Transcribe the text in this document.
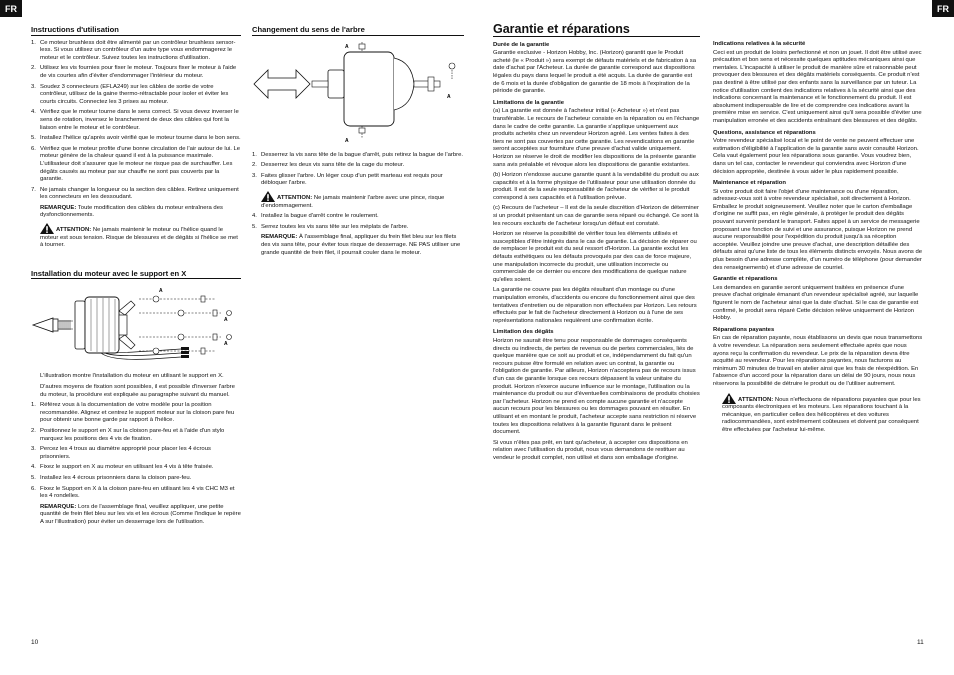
FR	FR
Instructions d'utilisation
1. Ce moteur brushless doit être alimenté par un contrôleur brushless sensor-less. Si vous utilisez un contrôleur d'un autre type vous endommagerez le moteur et le contrôleur. Suivez toutes les instructions d'utilisation.
2. Utilisez les vis fournies pour fixer le moteur. Toujours fixer le moteur à l'aide de vis courtes afin d'éviter d'endommager l'intérieur du moteur.
3. Soudez 3 connecteurs (EFLA249) sur les câbles de sortie de votre contrôleur, utilisez de la gaine thermo-rétractable pour isoler et éviter les courts circuits. Connectez les 3 prises au moteur.
4. Vérifiez que le moteur tourne dans le sens correct. Si vous devez inverser le sens de rotation, inversez le branchement de deux des câbles qui font la liaison entre le moteur et le contrôleur.
5. Installez l'hélice qu'après avoir vérifié que le moteur tourne dans le bon sens.
6. Vérifiez que le moteur profite d'une bonne circulation de l'air autour de lui. Le moteur génère de la chaleur quand il est à la puissance maximale. L'utilisateur doit s'assurer que le moteur ne risque pas de surchauffer. Les dégâts causés au moteur par sur chauffe ne sont pas couverts par la garantie.
7. Ne jamais changer la longueur ou la section des câbles. Retirez uniquement les connecteurs en les dessoudant.

REMARQUE: Toute modification des câbles du moteur entraînera des dysfonctionnements.

ATTENTION: Ne jamais maintenir le moteur ou l'hélice quand le moteur est sous tension. Risque de blessures et de dégâts si l'hélice se met à tourner.

Installation du moteur avec le support en X
A
A
A

L'illustration montre l'installation du moteur en utilisant le support en X.

D'autres moyens de fixation sont possibles, il est possible d'inverser l'arbre du moteur, la procédure est expliquée au paragraphe suivant du manuel.

1. Référez vous à la documentation de votre modèle pour la position recommandée. Alignez et centrez le support moteur sur la cloison pare feu pour obtenir une bonne garde par rapport à l'hélice.
2. Positionnez le support en X sur la cloison pare-feu et à l'aide d'un stylo marquez les positions des 4 vis de fixation.
3. Percez les 4 trous au diamètre approprié pour placer les 4 écrous prisonniers.
4. Fixez le support en X au moteur en utilisant les 4 vis à tête fraisée.
5. Installez les 4 écrous prisonniers dans la cloison pare-feu.
6. Fixez le Support en X à la cloison pare-feu en utilisant les 4 vis CHC M3 et les 4 rondelles.

REMARQUE: Lors de l'assemblage final, veuillez appliquer, une petite quantité de frein filet bleu sur les vis et les écrous (Comme l'indique le repère A sur l'illustration) pour éviter un desserrage lors de l'utilisation.

Changement du sens de l'arbre
A
A
A
1. Desserrez la vis sans tête de la bague d'arrêt, puis retirez la bague de l'arbre.
2. Desserrez les deux vis sans tête de la cage du moteur.
3. Faites glisser l'arbre. Un léger coup d'un petit marteau est requis pour débloquer l'arbre.

ATTENTION: Ne jamais maintenir l'arbre avec une pince, risque d'endommagement.

4. Installez la bague d'arrêt contre le roulement.
5. Serrez toutes les vis sans tête sur les méplats de l'arbre.

REMARQUE: À l'assemblage final, appliquer du frein filet bleu sur les filets des vis sans tête, pour éviter tous risque de desserrage. NE PAS utiliser une grande quantité de frein filet, il pourrait couler dans le moteur.

Garantie et réparations
Durée de la garantie

Garantie exclusive - Horizon Hobby, Inc. (Horizon) garantit que le Produit acheté (le « Produit ») sera exempt de défauts matériels et de fabrication à sa date d'achat par l'Acheteur. La durée de garantie correspond aux dispositions légales du pays dans lequel le produit a été acquis. La durée de garantie est de 6 mois et la durée d'obligation de garantie de 18 mois à l'expiration de la période de garantie.

Limitations de la garantie

(a) La garantie est donnée à l'acheteur initial (« Acheteur ») et n'est pas transférable. Le recours de l'acheteur consiste en la réparation ou en l'échange dans le cadre de cette garantie. La garantie s'applique uniquement aux produits achetés chez un revendeur Horizon agréé. Les ventes faites à des tiers ne sont pas couvertes par cette garantie. Les revendications en garantie seront acceptées sur fourniture d'une preuve d'achat valide uniquement. Horizon se réserve le droit de modifier les dispositions de la présente garantie sans avis préalable et révoque alors les dispositions de garantie existantes.

(b) Horizon n'endosse aucune garantie quant à la vendabilité du produit ou aux capacités et à la forme physique de l'utilisateur pour une utilisation donnée du produit. Il est de la seule responsabilité de l'acheteur de vérifier si le produit correspond à ses capacités et à l'utilisation prévue.

(c) Recours de l'acheteur – Il est de la seule discrétion d'Horizon de déterminer si un produit présentant un cas de garantie sera réparé ou échangé. Ce sont là les recours exclusifs de l'acheteur lorsqu'un défaut est constaté.

Horizon se réserve la possibilité de vérifier tous les éléments utilisés et susceptibles d'être intégrés dans le cas de garantie. La décision de réparer ou de remplacer le produit est du seul ressort d'Horizon. La garantie exclut les défauts esthétiques ou les défauts provoqués par des cas de force majeure, une manipulation incorrecte du produit, une utilisation incorrecte ou commerciale de ce dernier ou encore des modifications de quelque nature qu'elles soient.

La garantie ne couvre pas les dégâts résultant d'un montage ou d'une manipulation erronés, d'accidents ou encore du fonctionnement ainsi que des tentatives d'entretien ou de réparation non effectuées par Horizon. Les retours effectués par le fait de l'acheteur directement à Horizon ou à l'une de ses représentations nationales requièrent une confirmation écrite.

Limitation des dégâts

Horizon ne saurait être tenu pour responsable de dommages conséquents directs ou indirects, de pertes de revenus ou de pertes commerciales, liés de quelque manière que ce soit au produit et ce, indépendamment du fait qu'un recours puisse être formulé en relation avec un contrat, la garantie ou l'obligation de garantie. Par ailleurs, Horizon n'acceptera pas de recours issus d'un cas de garantie lorsque ces recours dépassent la valeur unitaire du produit. Horizon n'exerce aucune influence sur le montage, l'utilisation ou la maintenance du produit ou sur d'éventuelles combinaisons de produits choisies par l'acheteur. Horizon ne prend en compte aucune garantie et n'accepte aucun recours pour les blessures ou les dommages pouvant en résulter. En utilisant et en montant le produit, l'acheteur accepte sans restriction ni réserve toutes les dispositions relatives à la garantie figurant dans le présent document.

Si vous n'êtes pas prêt, en tant qu'acheteur, à accepter ces dispositions en relation avec l'utilisation du produit, nous vous demandons de restituer au vendeur le produit complet, non utilisé et dans son emballage d'origine.

Indications relatives à la sécurité

Ceci est un produit de loisirs perfectionné et non un jouet. Il doit être utilisé avec précaution et bon sens et nécessite quelques aptitudes mécaniques ainsi que mentales. L'incapacité à utiliser le produit de manière sûre et raisonnable peut provoquer des blessures et des dégâts matériels conséquents. Ce produit n'est pas destiné à être utilisé par des enfants sans la surveillance par un tuteur. La notice d'utilisation contient des indications relatives à la sécurité ainsi que des indications concernant la maintenance et le fonctionnement du produit. Il est absolument indispensable de lire et de comprendre ces indications avant la première mise en service. C'est uniquement ainsi qu'il sera possible d'éviter une manipulation erronée et des accidents entraînant des blessures et des dégâts.

Questions, assistance et réparations

Votre revendeur spécialisé local et le point de vente ne peuvent effectuer une estimation d'éligibilité à l'application de la garantie sans avoir consulté Horizon. Cela vaut également pour les réparations sous garantie. Vous voudrez bien, dans un tel cas, contacter le revendeur qui conviendra avec Horizon d'une décision appropriée, destinée à vous aider le plus rapidement possible.

Maintenance et réparation

Si votre produit doit faire l'objet d'une maintenance ou d'une réparation, adressez-vous soit à votre revendeur spécialisé, soit directement à Horizon. Emballez le produit soigneusement. Veuillez noter que le carton d'emballage d'origine ne suffit pas, en règle générale, à protéger le produit des dégâts pouvant survenir pendant le transport. Faites appel à un service de messagerie proposant une fonction de suivi et une assurance, puisque Horizon ne prend aucune responsabilité pour l'expédition du produit jusqu'à sa réception acceptée. Veuillez joindre une preuve d'achat, une description détaillée des défauts ainsi qu'une liste de tous les éléments distincts envoyés. Nous avons de plus besoin d'une adresse complète, d'un numéro de téléphone (pour demander des renseignements) et d'une adresse de courriel.

Garantie et réparations

Les demandes en garantie seront uniquement traitées en présence d'une preuve d'achat originale émanant d'un revendeur spécialisé agréé, sur laquelle figurent le nom de l'acheteur ainsi que la date d'achat. Si le cas de garantie est confirmé, le produit sera réparé Cette décision relève uniquement de Horizon Hobby.

Réparations payantes

En cas de réparation payante, nous établissons un devis que nous transmettons à votre revendeur. La réparation sera seulement effectuée après que nous ayons reçu la confirmation du revendeur. Le prix de la réparation devra être acquitté au revendeur. Pour les réparations payantes, nous facturons au minimum 30 minutes de travail en atelier ainsi que les frais de réexpédition. En l'absence d'un accord pour la réparation dans un délai de 90 jours, nous nous réservons la possibilité de détruire le produit ou de l'utiliser autrement.

ATTENTION: Nous n'effectuons de réparations payantes que pour les composants électroniques et les moteurs. Les réparations touchant à la mécanique, en particulier celles des hélicoptères et des voitures radiocommandées, sont extrêmement coûteuses et doivent par conséquent être effectuées par l'acheteur lui-même.

10	11
